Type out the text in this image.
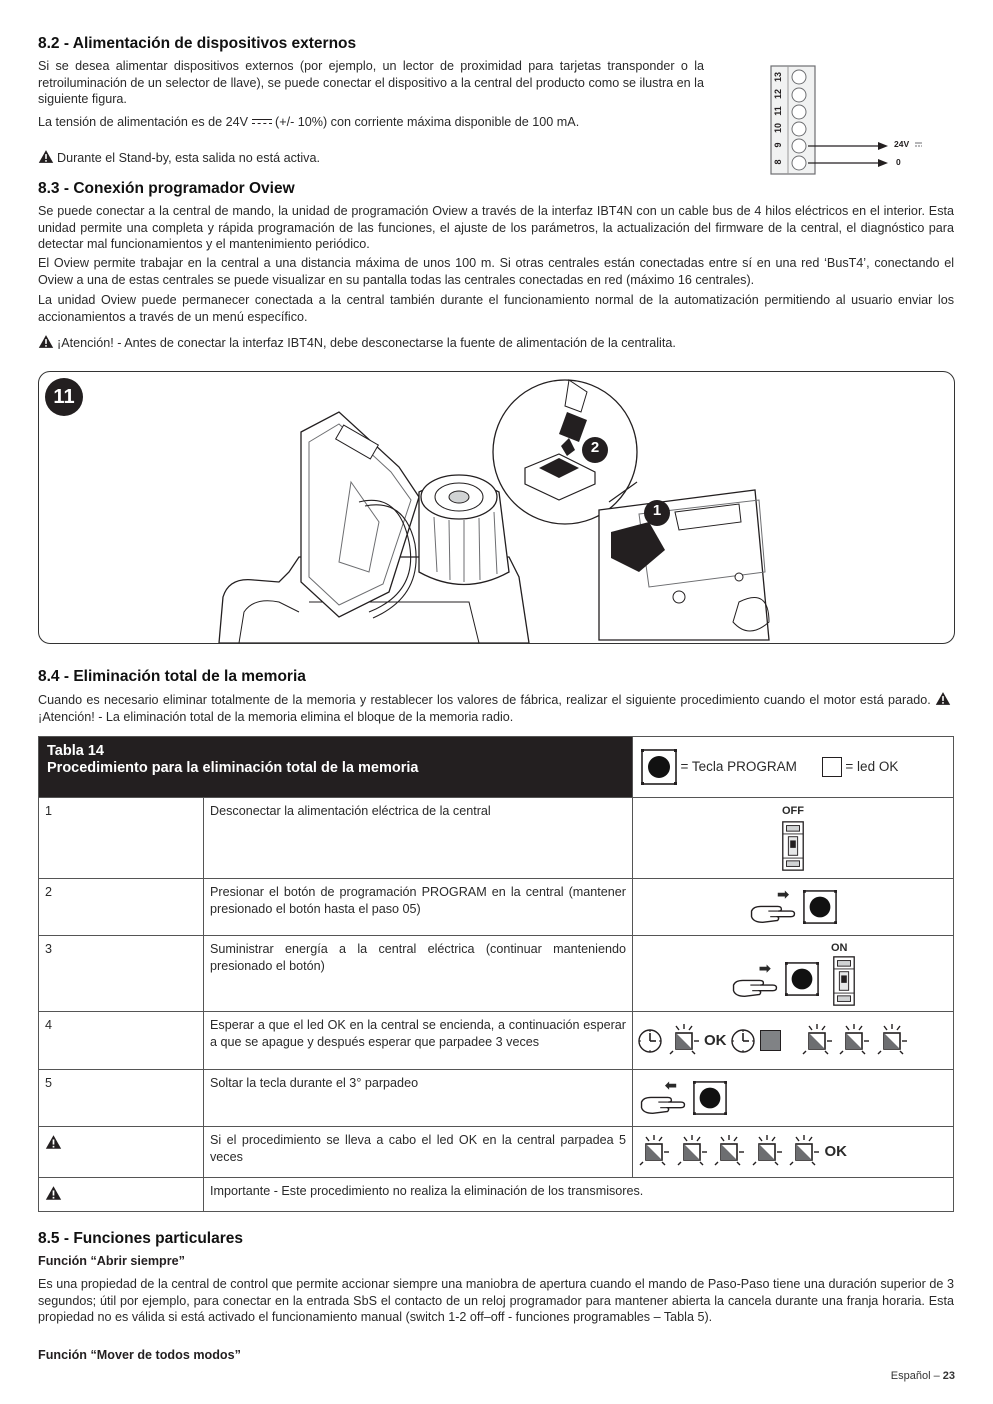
8.2 - Alimentación de dispositivos externos

Si se desea alimentar dispositivos externos (por ejemplo, un lector de proximidad para tarjetas transponder o la retroiluminación de un selector de llave), se puede conectar el dispositivo a la central del producto como se ilustra en la siguiente figura.

La tensión de alimentación es de 24V
(+/- 10%) con corriente máxima disponible de 100 mA.

Durante el Stand-by, esta salida no está activa.

13
12
11
10
9
8
24V
0
8.3 - Conexión programador Oview

Se puede conectar a la central de mando, la unidad de programación Oview a través de la interfaz IBT4N con un cable bus de 4 hilos eléctricos en el interior. Esta unidad permite una completa y rápida programación de las funciones, el ajuste de los parámetros, la actualización del firmware de la central, el diagnóstico para detectar mal funcionamientos y el mantenimiento periódico.

El Oview permite trabajar en la central a una distancia máxima de unos 100 m. Si otras centrales están conectadas entre sí en una red ‘BusT4’, conectando el Oview a una de estas centrales se puede visualizar en su pantalla todas las centrales conectadas en red (máximo 16 centrales).

La unidad Oview puede permanecer conectada a la central también durante el funcionamiento normal de la automatización permitiendo al usuario enviar los accionamientos a través de un menú específico.

¡Atención! - Antes de conectar la interfaz IBT4N, debe desconectarse la fuente de alimentación de la centralita.

11
2
1
8.4 - Eliminación total de la memoria

Cuando es necesario eliminar totalmente de la memoria y restablecer los valores de fábrica, realizar el siguiente procedimiento cuando el motor está parado. ¡Atención! - La eliminación total de la memoria elimina el bloque de la memoria radio.

Tabla 14
Procedimiento para la eliminación total de la memoria		= Tecla PROGRAM = led OK
1	Desconectar la alimentación eléctrica de la central	OFF

2	Presionar el botón de programación PROGRAM en la central (mantener presionado el botón hasta el paso 05)	➡

3	Suministrar energía a la central eléctrica (continuar manteniendo presionado el botón)	ON
➡

4	Esperar a que el led OK en la central se encienda, a continuación esperar a que se apague y después esperar que parpadee 3 veces	OK
5	Soltar la tecla durante el 3° parpadeo	⬅

	Si el procedimiento se lleva a cabo el led OK en la central parpadea 5 veces	OK
	Importante - Este procedimiento no realiza la eliminación de los transmisores.	
8.5 - Funciones particulares
Función “Abrir siempre”

Es una propiedad de la central de control que permite accionar siempre una maniobra de apertura cuando el mando de Paso-Paso tiene una duración superior de 3 segundos; útil por ejemplo, para conectar en la entrada SbS el contacto de un reloj programador para mantener abierta la cancela durante una franja horaria. Esta propiedad no es válida si está activado el funcionamiento manual (switch 1-2 off–off - funciones programables – Tabla 5).

Función “Mover de todos modos”
Español – 23
